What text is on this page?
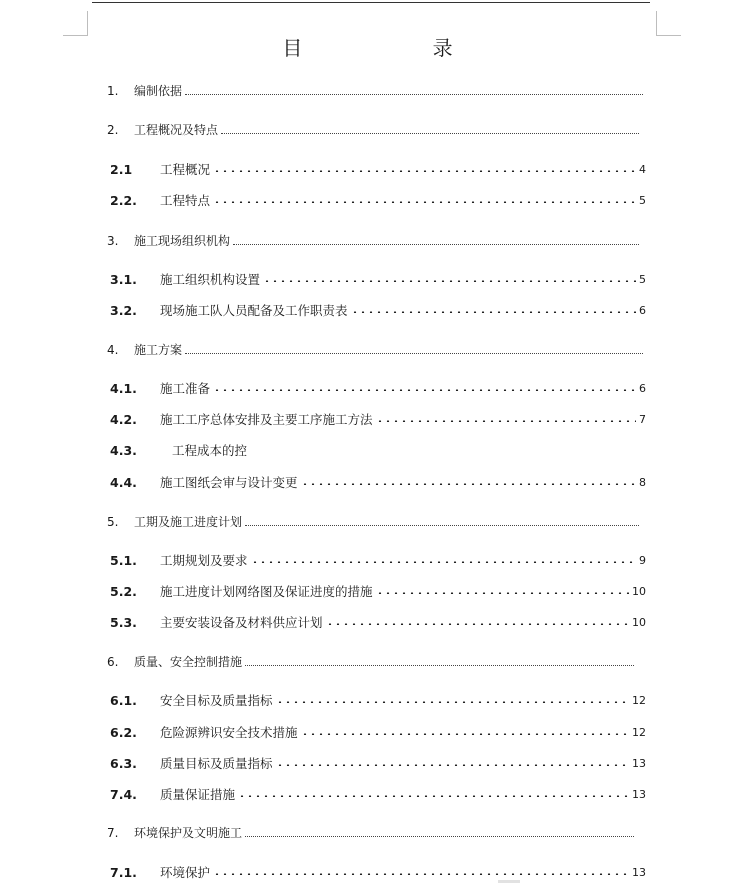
目 录
1.	编制依据
2.	工程概况及特点
2.1	工程概况	4
2.2.	工程特点	5
3.	施工现场组织机构
3.1.	施工组织机构设置	5
3.2.	现场施工队人员配备及工作职责表	6
4.	施工方案
4.1.	施工准备	6
4.2.	施工工序总体安排及主要工序施工方法	7
4.3.	工程成本的控
4.4.	施工图纸会审与设计变更	8
5.	工期及施工进度计划
5.1.	工期规划及要求	9
5.2.	施工进度计划网络图及保证进度的措施	10
5.3.	主要安装设备及材料供应计划	10
6.	质量、安全控制措施
6.1.	安全目标及质量指标	12
6.2.	危险源辨识安全技术措施	12
6.3.	质量目标及质量指标	13
7.4.	质量保证措施	13
7.	环境保护及文明施工
7.1.	环境保护	13
